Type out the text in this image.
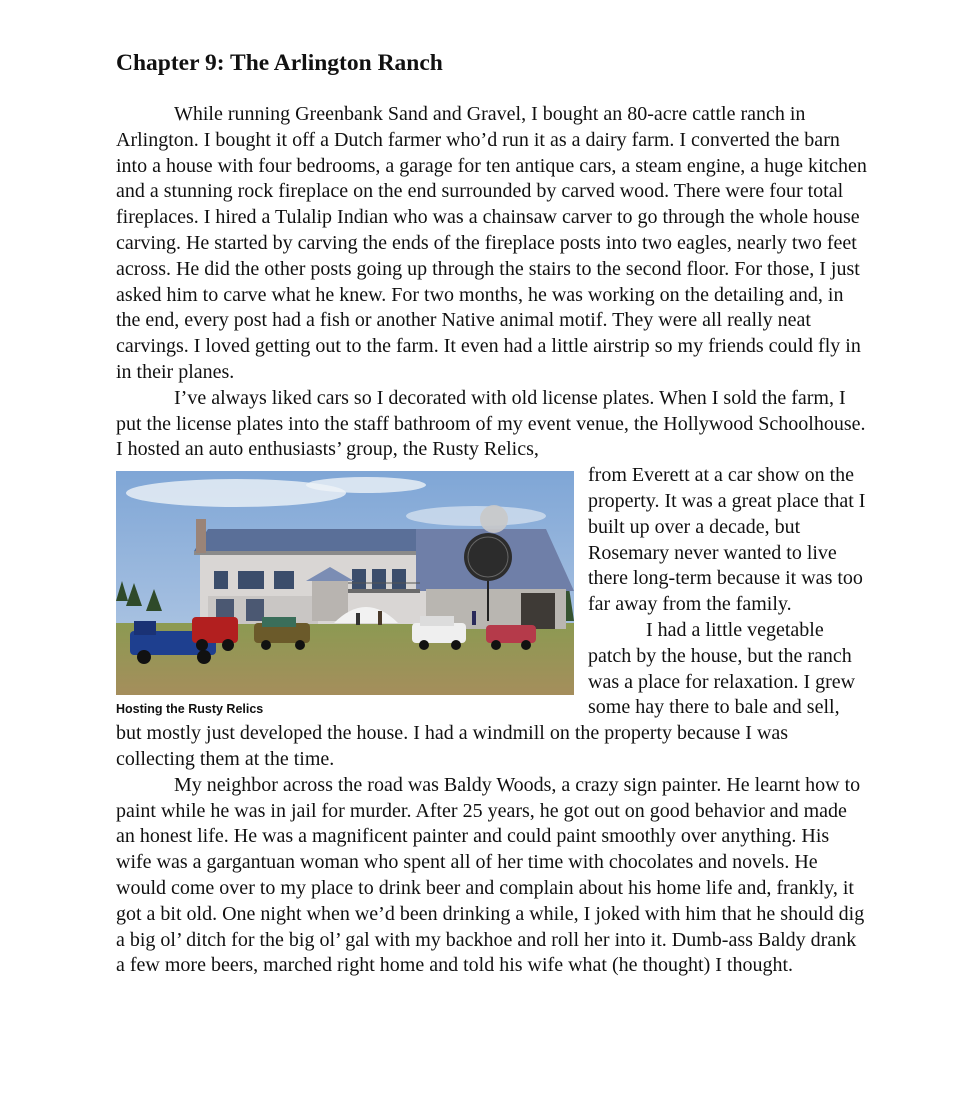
Chapter 9: The Arlington Ranch

While running Greenbank Sand and Gravel, I bought an 80-acre cattle ranch in Arlington. I bought it off a Dutch farmer who’d run it as a dairy farm. I converted the barn into a house with four bedrooms, a garage for ten antique cars, a steam engine, a huge kitchen and a stunning rock fireplace on the end surrounded by carved wood. There were four total fireplaces. I hired a Tulalip Indian who was a chainsaw carver to go through the whole house carving. He started by carving the ends of the fireplace posts into two eagles, nearly two feet across. He did the other posts going up through the stairs to the second floor. For those, I just asked him to carve what he knew. For two months, he was working on the detailing and, in the end, every post had a fish or another Native animal motif. They were all really neat carvings. I loved getting out to the farm. It even had a little airstrip so my friends could fly in in their planes.

I’ve always liked cars so I decorated with old license plates. When I sold the farm, I put the license plates into the staff bathroom of my event venue, the Hollywood Schoolhouse. I hosted an auto enthusiasts’ group, the Rusty Relics,

Hosting the Rusty Relics

from Everett at a car show on the property. It was a great place that I built up over a decade, but Rosemary never wanted to live there long-term because it was too far away from the family.

I had a little vegetable patch by the house, but the ranch was a place for relaxation. I grew some hay there to bale and sell, but mostly just developed the house. I had a windmill on the property because I was collecting them at the time.

My neighbor across the road was Baldy Woods, a crazy sign painter. He learnt how to paint while he was in jail for murder. After 25 years, he got out on good behavior and made an honest life. He was a magnificent painter and could paint smoothly over anything. His wife was a gargantuan woman who spent all of her time with chocolates and novels. He would come over to my place to drink beer and complain about his home life and, frankly, it got a bit old. One night when we’d been drinking a while, I joked with him that he should dig a big ol’ ditch for the big ol’ gal with my backhoe and roll her into it. Dumb-ass Baldy drank a few more beers, marched right home and told his wife what (he thought) I thought.
